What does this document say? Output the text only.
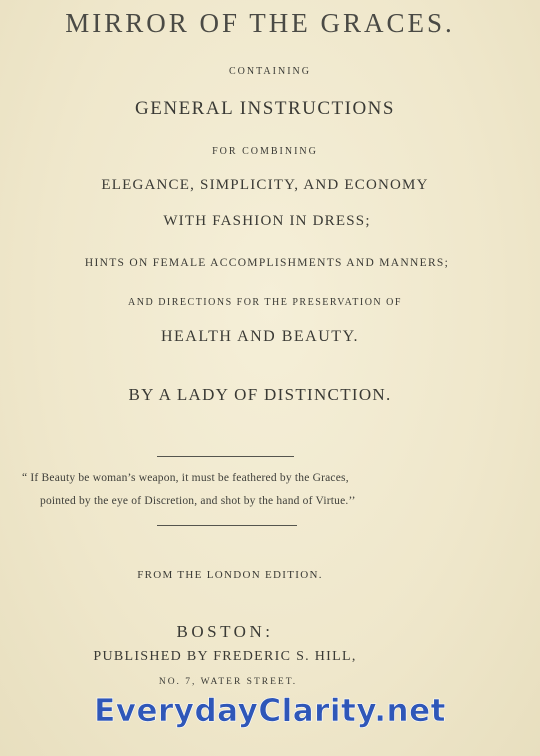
MIRROR OF THE GRACES.
CONTAINING
GENERAL INSTRUCTIONS
FOR COMBINING
ELEGANCE, SIMPLICITY, AND ECONOMY
WITH FASHION IN DRESS;
HINTS ON FEMALE ACCOMPLISHMENTS AND MANNERS;
AND DIRECTIONS FOR THE PRESERVATION OF
HEALTH AND BEAUTY.
BY A LADY OF DISTINCTION.
“ If Beauty be woman’s weapon, it must be feathered by the Graces,
pointed by the eye of Discretion, and shot by the hand of Virtue.’’
FROM THE LONDON EDITION.
BOSTON:
PUBLISHED BY FREDERIC S. HILL,
NO. 7, WATER STREET.
EverydayClarity.net
